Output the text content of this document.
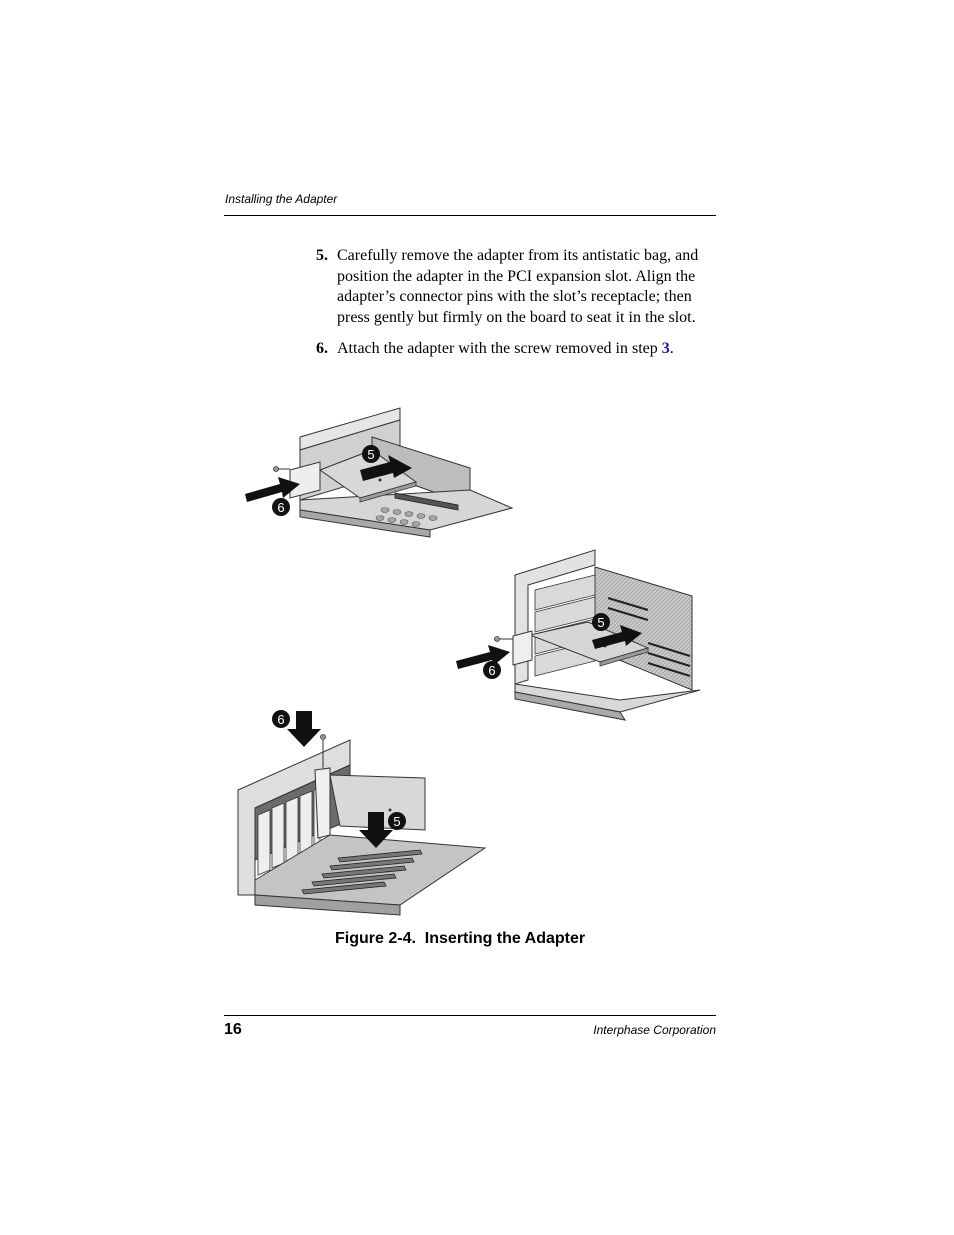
Installing the Adapter
5. Carefully remove the adapter from its antistatic bag, and position the adapter in the PCI expansion slot. Align the adapter’s connector pins with the slot’s receptacle; then press gently but firmly on the board to seat it in the slot.
6. Attach the adapter with the screw removed in step 3.
5
6
5
6
6
5
Figure 2-4.  Inserting the Adapter
16	Interphase Corporation
